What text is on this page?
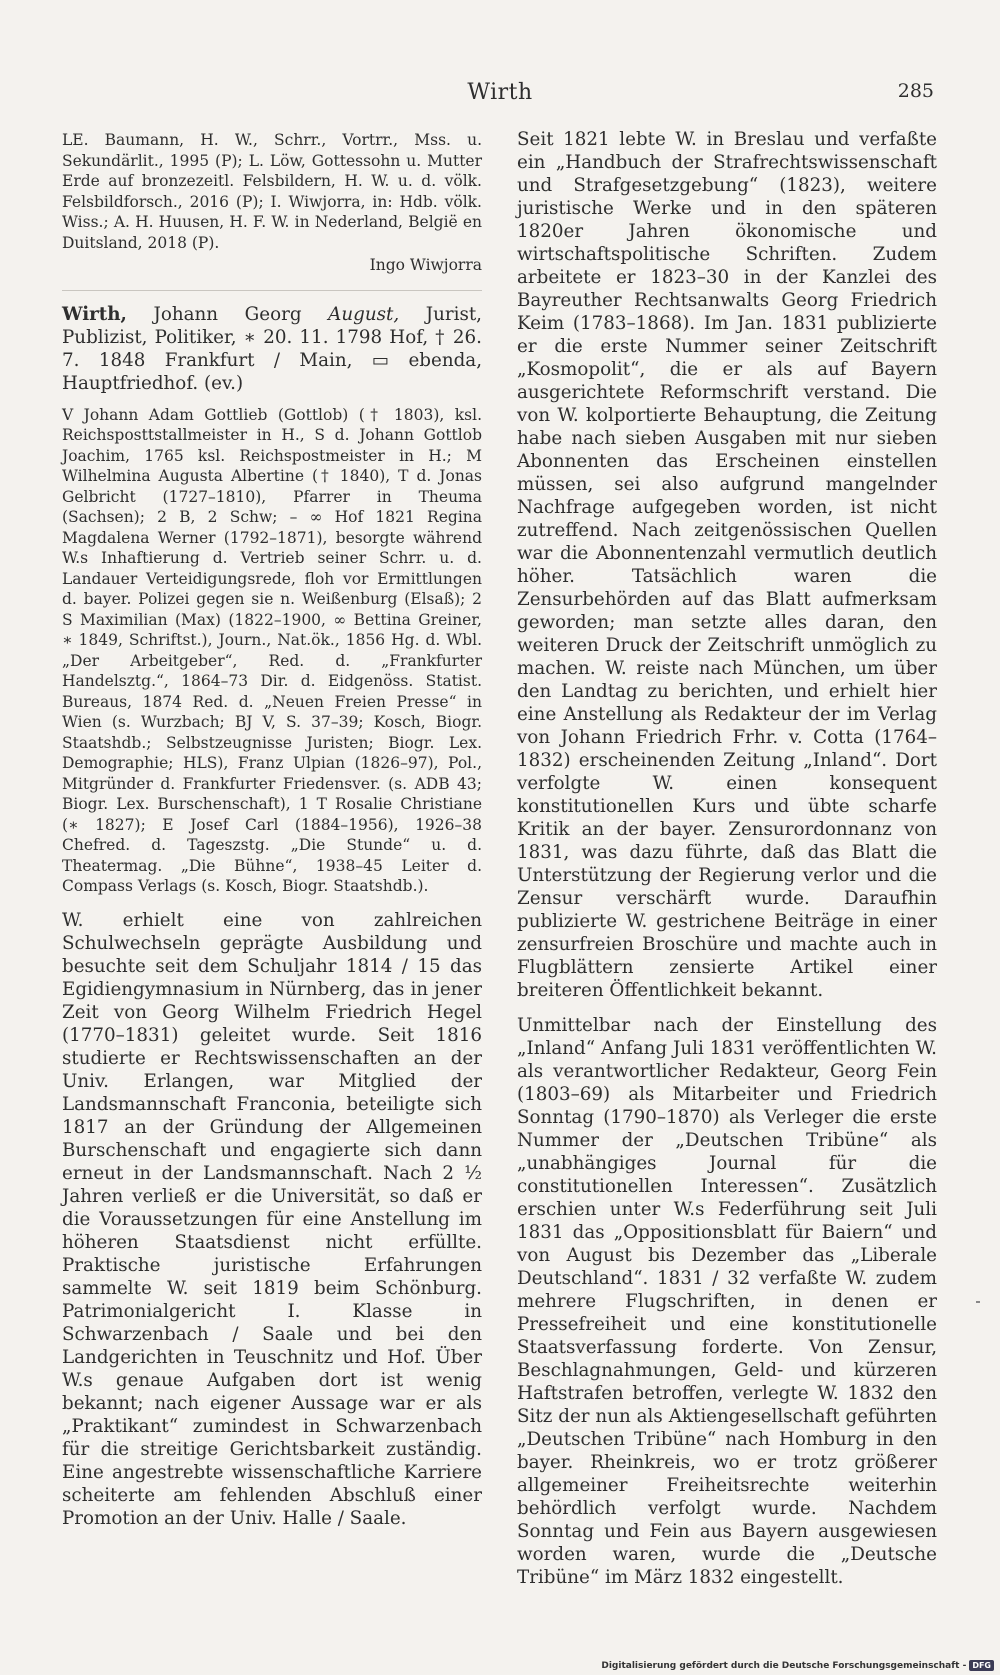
Wirth	285

LE. Baumann, H. W., Schrr., Vortrr., Mss. u. Sekundärlit., 1995 (P); L. Löw, Gottessohn u. Mutter Erde auf bronzezeitl. Felsbildern, H. W. u. d. völk. Felsbildforsch., 2016 (P); I. Wiwjorra, in: Hdb. völk. Wiss.; A. H. Huusen, H. F. W. in Nederland, België en Duitsland, 2018 (P).

Ingo Wiwjorra

Wirth, Johann Georg August, Jurist, Publizist, Politiker, ∗ 20. 11. 1798 Hof, † 26. 7. 1848 Frankfurt / Main, ▭ ebenda, Hauptfriedhof. (ev.)

V Johann Adam Gottlieb (Gottlob) († 1803), ksl. Reichsposttstallmeister in H., S d. Johann Gottlob Joachim, 1765 ksl. Reichspostmeister in H.; M Wilhelmina Augusta Albertine († 1840), T d. Jonas Gelbricht (1727–1810), Pfarrer in Theuma (Sachsen); 2 B, 2 Schw; – ∞ Hof 1821 Regina Magdalena Werner (1792–1871), besorgte während W.s Inhaftierung d. Vertrieb seiner Schrr. u. d. Landauer Verteidigungsrede, floh vor Ermittlungen d. bayer. Polizei gegen sie n. Weißenburg (Elsaß); 2 S Maximilian (Max) (1822–1900, ∞ Bettina Greiner, ∗ 1849, Schriftst.), Journ., Nat.ök., 1856 Hg. d. Wbl. „Der Arbeitgeber“, Red. d. „Frankfurter Handelsztg.“, 1864–73 Dir. d. Eidgenöss. Statist. Bureaus, 1874 Red. d. „Neuen Freien Presse“ in Wien (s. Wurzbach; BJ V, S. 37–39; Kosch, Biogr. Staatshdb.; Selbstzeugnisse Juristen; Biogr. Lex. Demographie; HLS), Franz Ulpian (1826–97), Pol., Mitgründer d. Frankfurter Friedensver. (s. ADB 43; Biogr. Lex. Burschenschaft), 1 T Rosalie Christiane (∗ 1827); E Josef Carl (1884–1956), 1926–38 Chefred. d. Tageszstg. „Die Stunde“ u. d. Theatermag. „Die Bühne“, 1938–45 Leiter d. Compass Verlags (s. Kosch, Biogr. Staatshdb.).

W. erhielt eine von zahlreichen Schulwechseln geprägte Ausbildung und besuchte seit dem Schuljahr 1814 / 15 das Egidiengymnasium in Nürnberg, das in jener Zeit von Georg Wilhelm Friedrich Hegel (1770–1831) geleitet wurde. Seit 1816 studierte er Rechtswissenschaften an der Univ. Erlangen, war Mitglied der Landsmannschaft Franconia, beteiligte sich 1817 an der Gründung der Allgemeinen Burschenschaft und engagierte sich dann erneut in der Landsmannschaft. Nach 2 ½ Jahren verließ er die Universität, so daß er die Voraussetzungen für eine Anstellung im höheren Staatsdienst nicht erfüllte. Praktische juristische Erfahrungen sammelte W. seit 1819 beim Schönburg. Patrimonialgericht I. Klasse in Schwarzenbach / Saale und bei den Landgerichten in Teuschnitz und Hof. Über W.s genaue Aufgaben dort ist wenig bekannt; nach eigener Aussage war er als „Praktikant“ zumindest in Schwarzenbach für die streitige Gerichtsbarkeit zuständig. Eine angestrebte wissenschaftliche Karriere scheiterte am fehlenden Abschluß einer Promotion an der Univ. Halle / Saale.

Seit 1821 lebte W. in Breslau und verfaßte ein „Handbuch der Strafrechtswissenschaft und Strafgesetzgebung“ (1823), weitere juristische Werke und in den späteren 1820er Jahren ökonomische und wirtschaftspolitische Schriften. Zudem arbeitete er 1823–30 in der Kanzlei des Bayreuther Rechtsanwalts Georg Friedrich Keim (1783–1868). Im Jan. 1831 publizierte er die erste Nummer seiner Zeitschrift „Kosmopolit“, die er als auf Bayern ausgerichtete Reformschrift verstand. Die von W. kolportierte Behauptung, die Zeitung habe nach sieben Ausgaben mit nur sieben Abonnenten das Erscheinen einstellen müssen, sei also aufgrund mangelnder Nachfrage aufgegeben worden, ist nicht zutreffend. Nach zeitgenössischen Quellen war die Abonnentenzahl vermutlich deutlich höher. Tatsächlich waren die Zensurbehörden auf das Blatt aufmerksam geworden; man setzte alles daran, den weiteren Druck der Zeitschrift unmöglich zu machen. W. reiste nach München, um über den Landtag zu berichten, und erhielt hier eine Anstellung als Redakteur der im Verlag von Johann Friedrich Frhr. v. Cotta (1764–1832) erscheinenden Zeitung „Inland“. Dort verfolgte W. einen konsequent konstitutionellen Kurs und übte scharfe Kritik an der bayer. Zensurordonnanz von 1831, was dazu führte, daß das Blatt die Unterstützung der Regierung verlor und die Zensur verschärft wurde. Daraufhin publizierte W. gestrichene Beiträge in einer zensurfreien Broschüre und machte auch in Flugblättern zensierte Artikel einer breiteren Öffentlichkeit bekannt.

Unmittelbar nach der Einstellung des „Inland“ Anfang Juli 1831 veröffentlichten W. als verantwortlicher Redakteur, Georg Fein (1803–69) als Mitarbeiter und Friedrich Sonntag (1790–1870) als Verleger die erste Nummer der „Deutschen Tribüne“ als „unabhängiges Journal für die constitutionellen Interessen“. Zusätzlich erschien unter W.s Federführung seit Juli 1831 das „Oppositionsblatt für Baiern“ und von August bis Dezember das „Liberale Deutschland“. 1831 / 32 verfaßte W. zudem mehrere Flugschriften, in denen er Pressefreiheit und eine konstitutionelle Staatsverfassung forderte. Von Zensur, Beschlagnahmungen, Geld- und kürzeren Haftstrafen betroffen, verlegte W. 1832 den Sitz der nun als Aktiengesellschaft geführten „Deutschen Tribüne“ nach Homburg in den bayer. Rheinkreis, wo er trotz größerer allgemeiner Freiheitsrechte weiterhin behördlich verfolgt wurde. Nachdem Sonntag und Fein aus Bayern ausgewiesen worden waren, wurde die „Deutsche Tribüne“ im März 1832 eingestellt.

Digitalisierung gefördert durch die Deutsche Forschungsgemeinschaft - DFG
